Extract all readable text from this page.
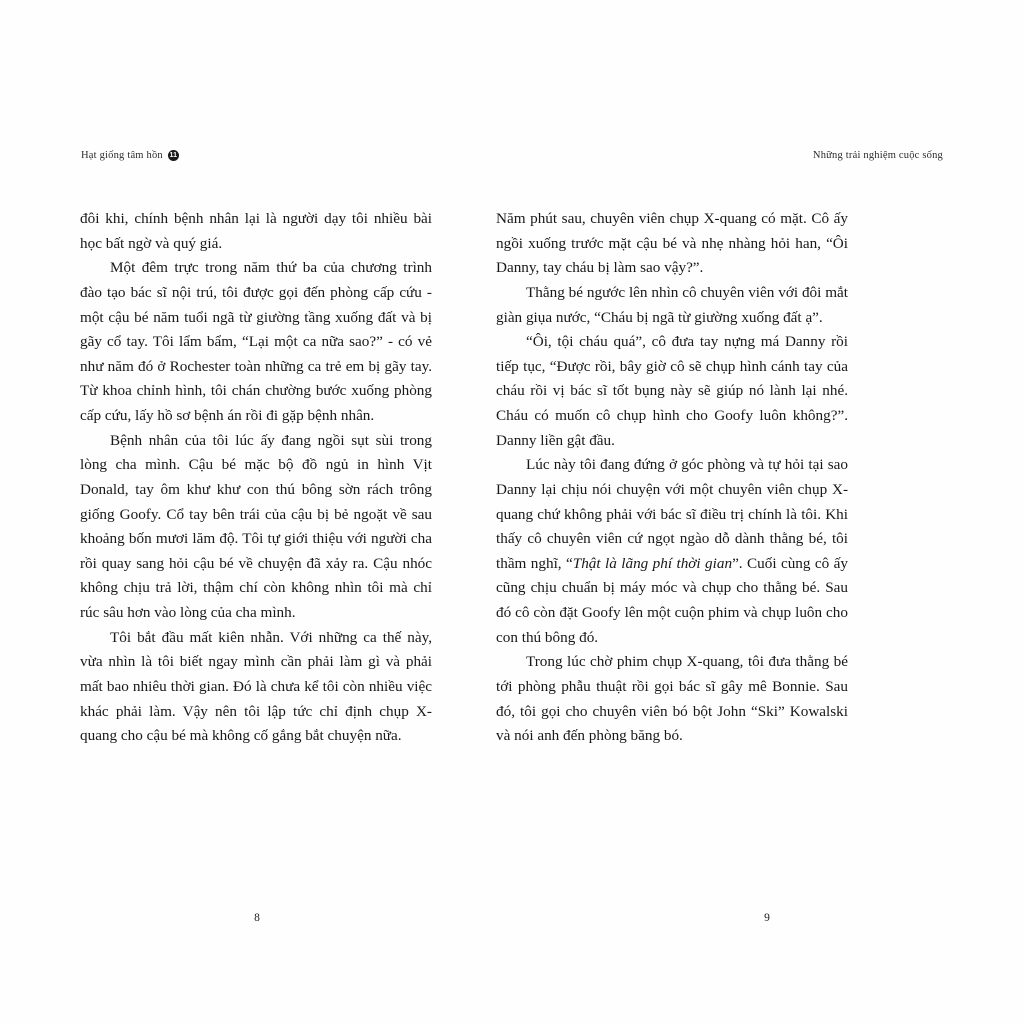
Hạt giống tâm hồn 11	Những trải nghiệm cuộc sống

đôi khi, chính bệnh nhân lại là người dạy tôi nhiều bài học bất ngờ và quý giá.

Một đêm trực trong năm thứ ba của chương trình đào tạo bác sĩ nội trú, tôi được gọi đến phòng cấp cứu - một cậu bé năm tuổi ngã từ giường tầng xuống đất và bị gãy cổ tay. Tôi lẩm bẩm, “Lại một ca nữa sao?” - có vẻ như năm đó ở Rochester toàn những ca trẻ em bị gãy tay. Từ khoa chỉnh hình, tôi chán chường bước xuống phòng cấp cứu, lấy hồ sơ bệnh án rồi đi gặp bệnh nhân.

Bệnh nhân của tôi lúc ấy đang ngồi sụt sùi trong lòng cha mình. Cậu bé mặc bộ đồ ngủ in hình Vịt Donald, tay ôm khư khư con thú bông sờn rách trông giống Goofy. Cổ tay bên trái của cậu bị bẻ ngoặt về sau khoảng bốn mươi lăm độ. Tôi tự giới thiệu với người cha rồi quay sang hỏi cậu bé về chuyện đã xảy ra. Cậu nhóc không chịu trả lời, thậm chí còn không nhìn tôi mà chỉ rúc sâu hơn vào lòng của cha mình.

Tôi bắt đầu mất kiên nhẫn. Với những ca thế này, vừa nhìn là tôi biết ngay mình cần phải làm gì và phải mất bao nhiêu thời gian. Đó là chưa kể tôi còn nhiều việc khác phải làm. Vậy nên tôi lập tức chỉ định chụp X-quang cho cậu bé mà không cố gắng bắt chuyện nữa.

Năm phút sau, chuyên viên chụp X-quang có mặt. Cô ấy ngồi xuống trước mặt cậu bé và nhẹ nhàng hỏi han, “Ôi Danny, tay cháu bị làm sao vậy?”.

Thằng bé ngước lên nhìn cô chuyên viên với đôi mắt giàn giụa nước, “Cháu bị ngã từ giường xuống đất ạ”.

“Ôi, tội cháu quá”, cô đưa tay nựng má Danny rồi tiếp tục, “Được rồi, bây giờ cô sẽ chụp hình cánh tay của cháu rồi vị bác sĩ tốt bụng này sẽ giúp nó lành lại nhé. Cháu có muốn cô chụp hình cho Goofy luôn không?”. Danny liền gật đầu.

Lúc này tôi đang đứng ở góc phòng và tự hỏi tại sao Danny lại chịu nói chuyện với một chuyên viên chụp X-quang chứ không phải với bác sĩ điều trị chính là tôi. Khi thấy cô chuyên viên cứ ngọt ngào dỗ dành thằng bé, tôi thầm nghĩ, “Thật là lãng phí thời gian”. Cuối cùng cô ấy cũng chịu chuẩn bị máy móc và chụp cho thằng bé. Sau đó cô còn đặt Goofy lên một cuộn phim và chụp luôn cho con thú bông đó.

Trong lúc chờ phim chụp X-quang, tôi đưa thằng bé tới phòng phẫu thuật rồi gọi bác sĩ gây mê Bonnie. Sau đó, tôi gọi cho chuyên viên bó bột John “Ski” Kowalski và nói anh đến phòng băng bó.

8	9
